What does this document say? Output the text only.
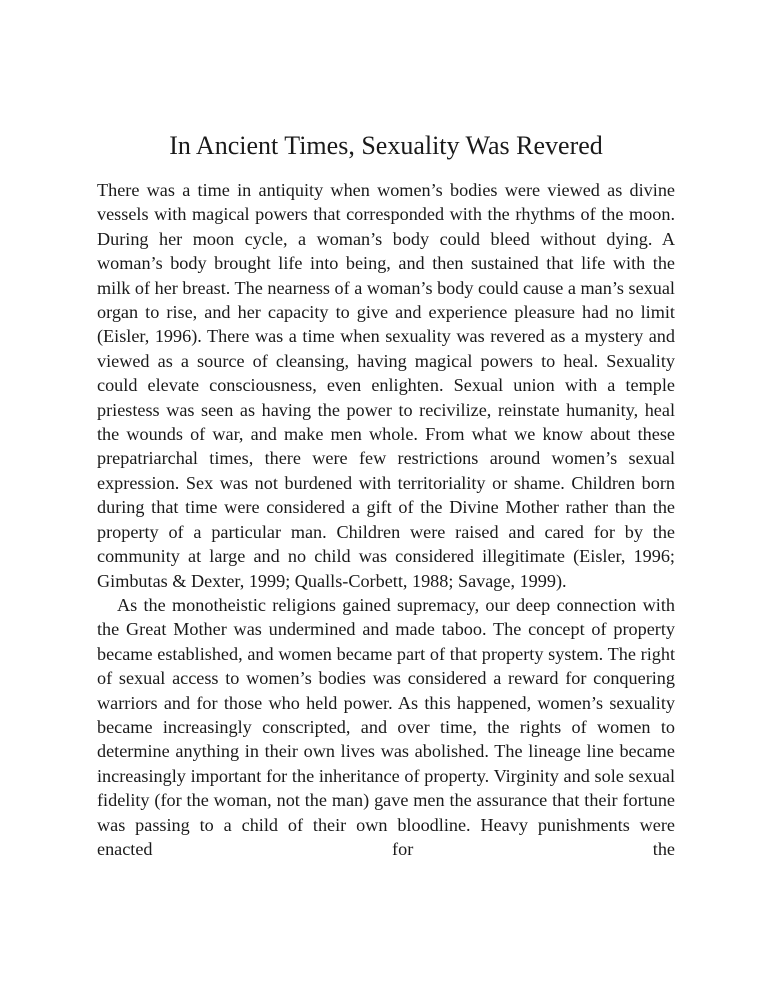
In Ancient Times, Sexuality Was Revered

There was a time in antiquity when women’s bodies were viewed as divine vessels with magical powers that corresponded with the rhythms of the moon. During her moon cycle, a woman’s body could bleed without dying. A woman’s body brought life into being, and then sustained that life with the milk of her breast. The nearness of a woman’s body could cause a man’s sexual organ to rise, and her capacity to give and experience pleasure had no limit (Eisler, 1996). There was a time when sexuality was revered as a mystery and viewed as a source of cleansing, having magical powers to heal. Sexuality could elevate consciousness, even enlighten. Sexual union with a temple priestess was seen as having the power to recivilize, reinstate humanity, heal the wounds of war, and make men whole. From what we know about these prepatriarchal times, there were few restrictions around women’s sexual expression. Sex was not burdened with territoriality or shame. Children born during that time were considered a gift of the Divine Mother rather than the property of a particular man. Children were raised and cared for by the community at large and no child was considered illegitimate (Eisler, 1996; Gimbutas & Dexter, 1999; Qualls-Corbett, 1988; Savage, 1999).

As the monotheistic religions gained supremacy, our deep connection with the Great Mother was undermined and made taboo. The concept of property became established, and women became part of that property system. The right of sexual access to women’s bodies was considered a reward for conquering warriors and for those who held power. As this happened, women’s sexuality became increasingly conscripted, and over time, the rights of women to determine anything in their own lives was abolished. The lineage line became increasingly important for the inheritance of property. Virginity and sole sexual fidelity (for the woman, not the man) gave men the assurance that their fortune was passing to a child of their own bloodline. Heavy punishments were enacted for the
